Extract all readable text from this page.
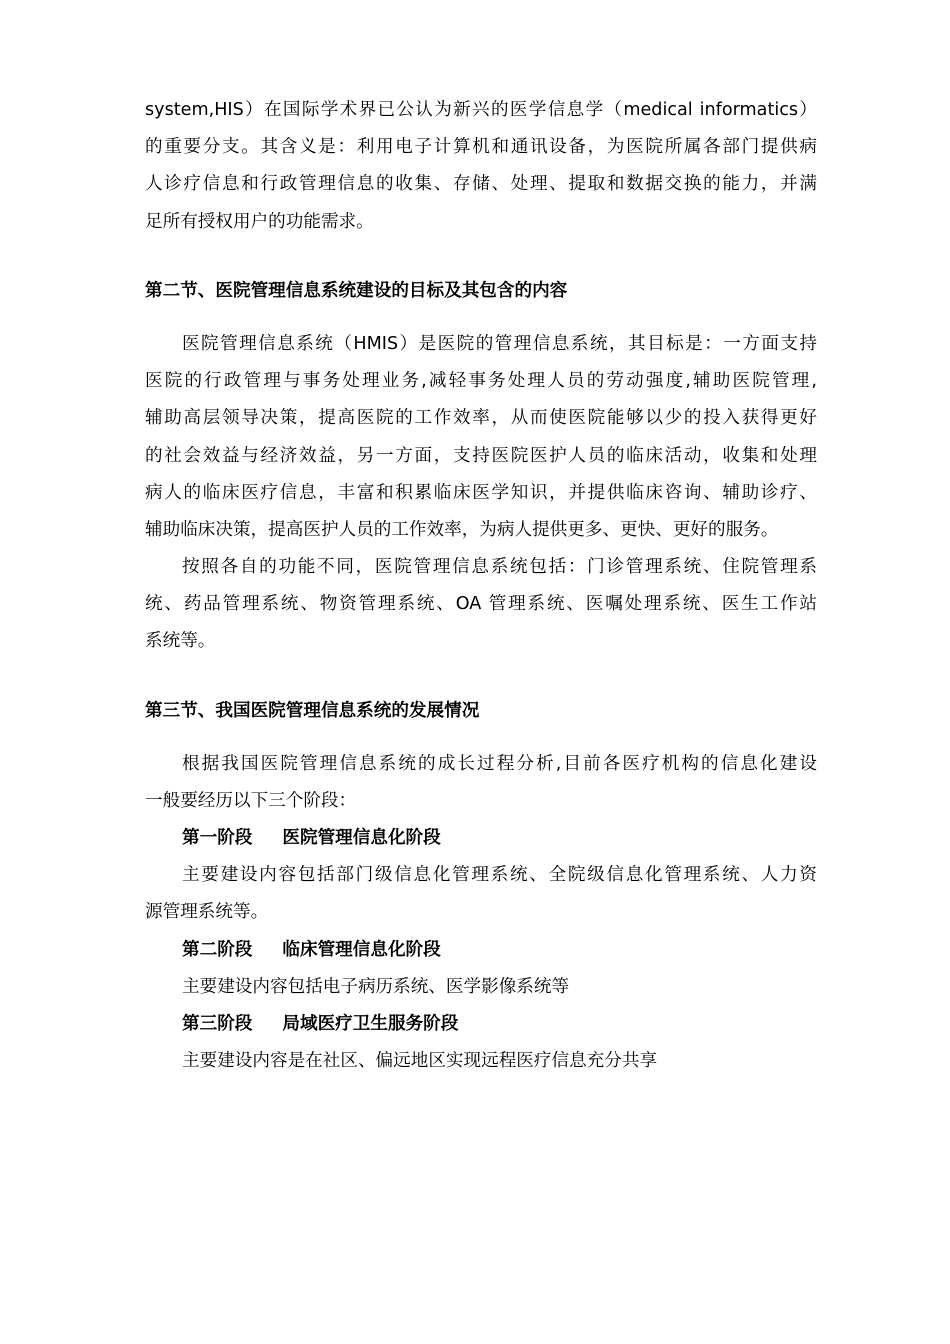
system,HIS）在国际学术界已公认为新兴的医学信息学（medical informatics）
的重要分支。其含义是：利用电子计算机和通讯设备，为医院所属各部门提供病
人诊疗信息和行政管理信息的收集、存储、处理、提取和数据交换的能力，并满
足所有授权用户的功能需求。
第二节、医院管理信息系统建设的目标及其包含的内容
医院管理信息系统（HMIS）是医院的管理信息系统，其目标是：一方面支持
医院的行政管理与事务处理业务,减轻事务处理人员的劳动强度,辅助医院管理,
辅助高层领导决策，提高医院的工作效率，从而使医院能够以少的投入获得更好
的社会效益与经济效益，另一方面，支持医院医护人员的临床活动，收集和处理
病人的临床医疗信息，丰富和积累临床医学知识，并提供临床咨询、辅助诊疗、
辅助临床决策，提高医护人员的工作效率，为病人提供更多、更快、更好的服务。
按照各自的功能不同，医院管理信息系统包括：门诊管理系统、住院管理系
统、药品管理系统、物资管理系统、OA 管理系统、医嘱处理系统、医生工作站
系统等。
第三节、我国医院管理信息系统的发展情况
根据我国医院管理信息系统的成长过程分析,目前各医疗机构的信息化建设
一般要经历以下三个阶段：
第一阶段 医院管理信息化阶段
主要建设内容包括部门级信息化管理系统、全院级信息化管理系统、人力资
源管理系统等。
第二阶段 临床管理信息化阶段
主要建设内容包括电子病历系统、医学影像系统等
第三阶段 局域医疗卫生服务阶段
主要建设内容是在社区、偏远地区实现远程医疗信息充分共享
